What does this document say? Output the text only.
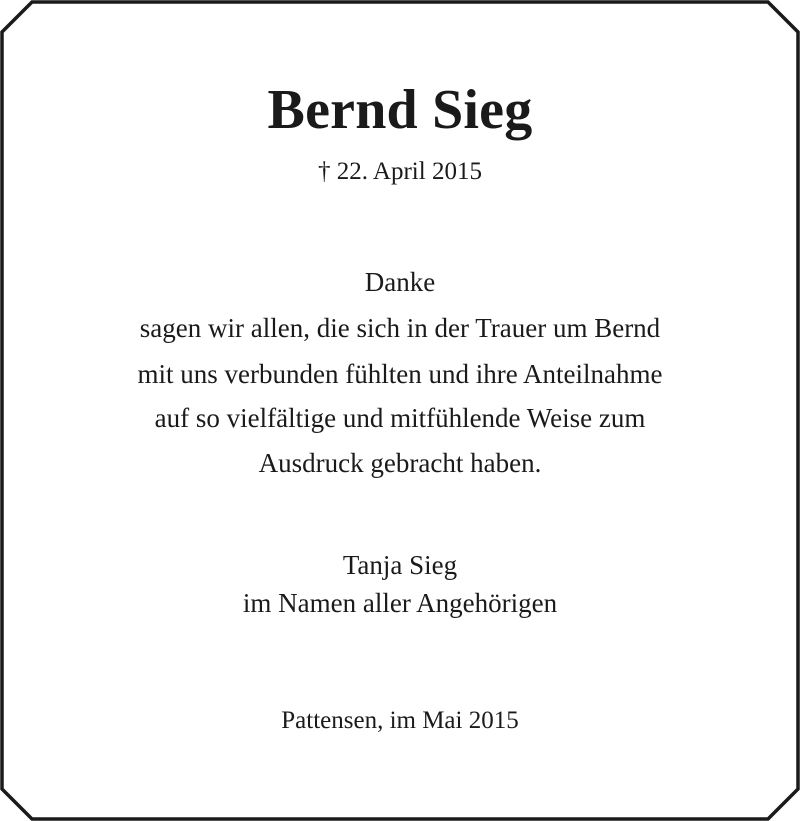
Bernd Sieg
† 22. April 2015
Danke
sagen wir allen, die sich in der Trauer um Bernd
mit uns verbunden fühlten und ihre Anteilnahme
auf so vielfältige und mitfühlende Weise zum
Ausdruck gebracht haben.
Tanja Sieg
im Namen aller Angehörigen
Pattensen, im Mai 2015
